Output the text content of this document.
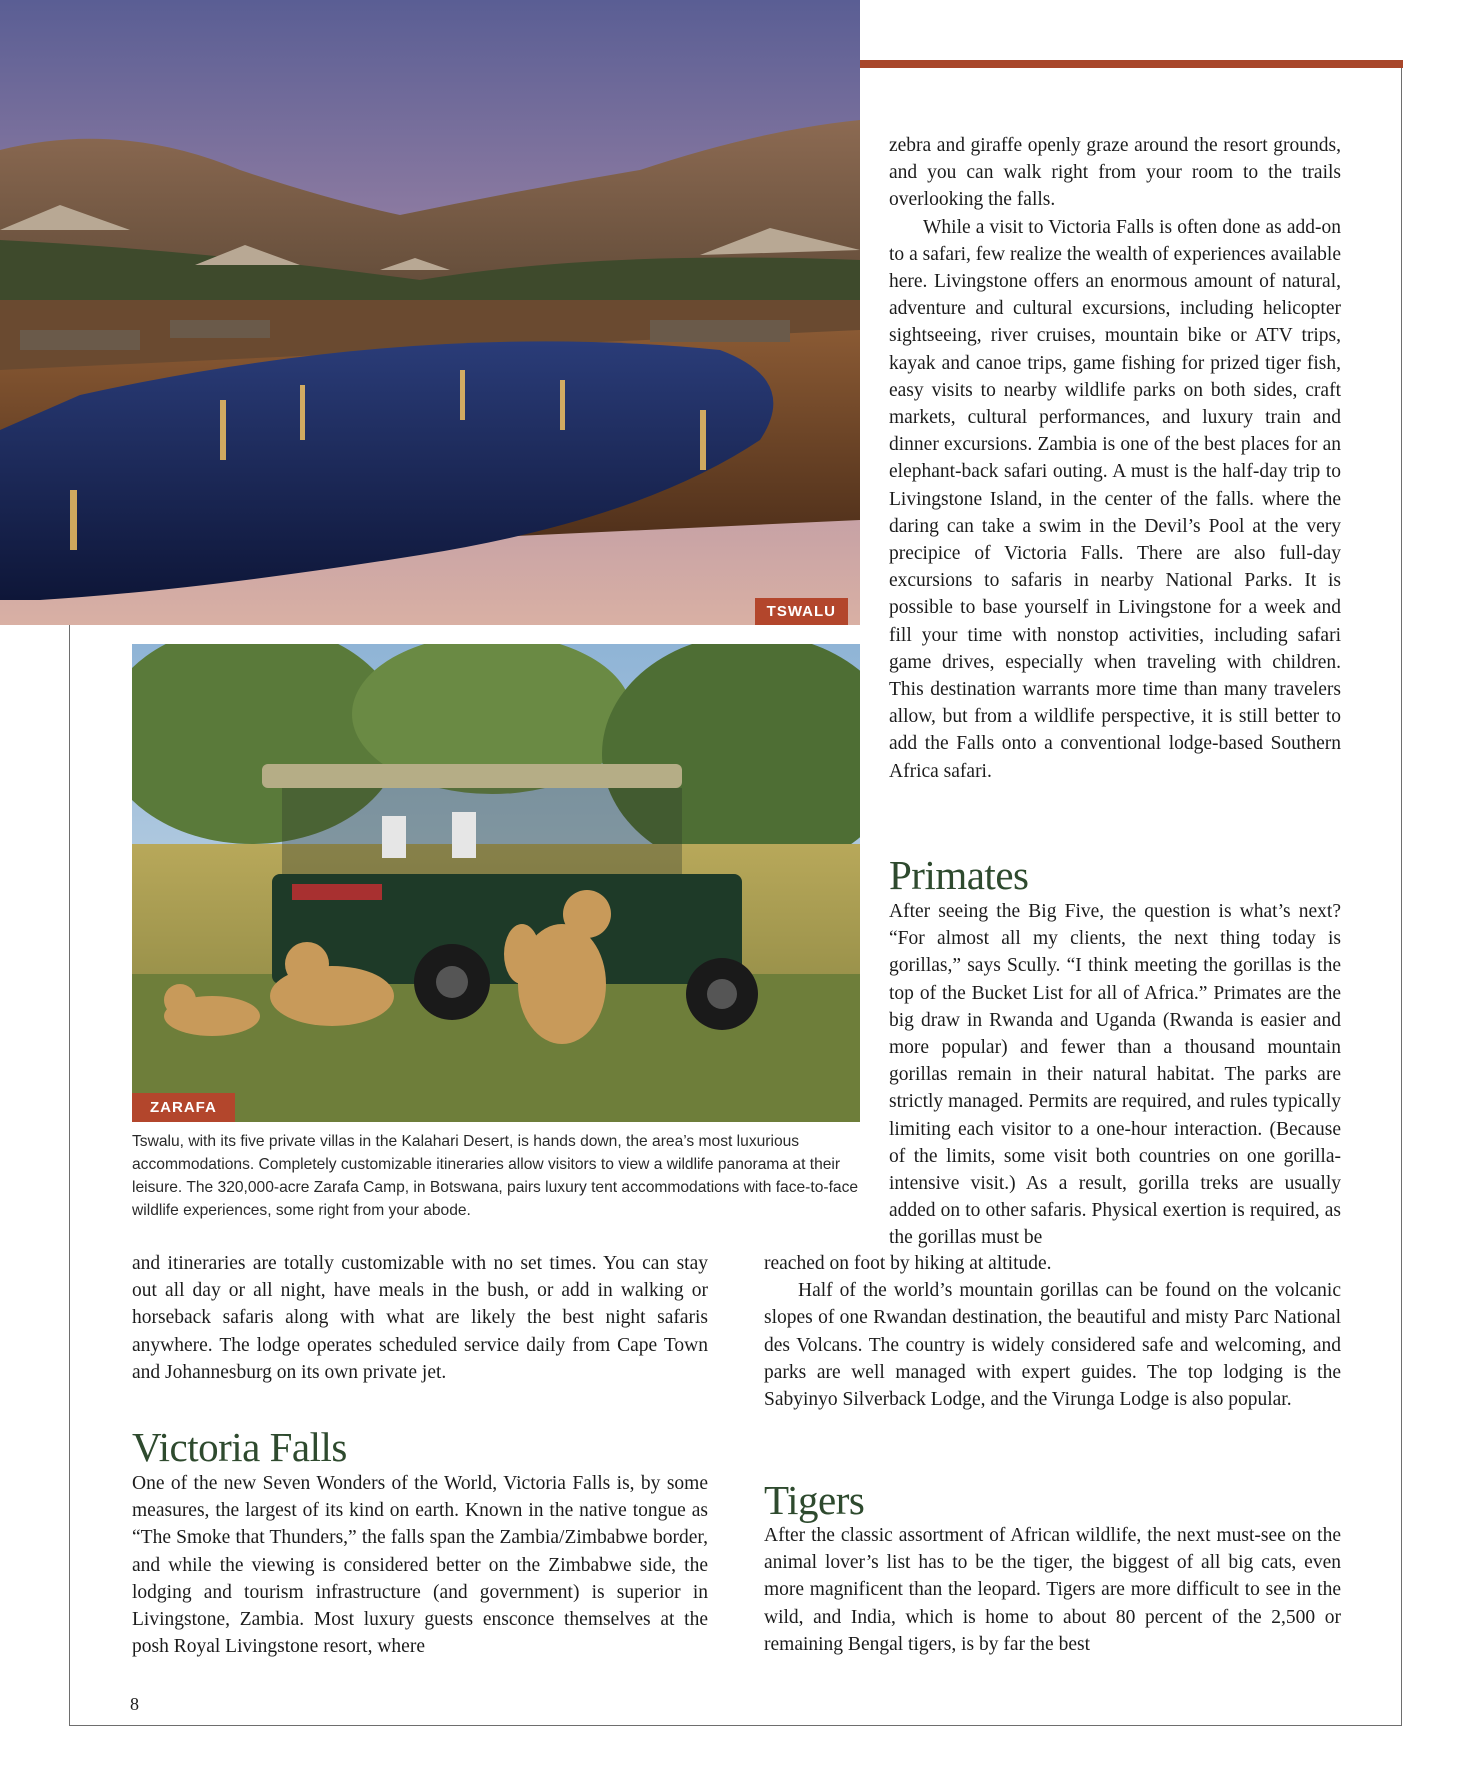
TSWALU
ZARAFA
Tswalu, with its five private villas in the Kalahari Desert, is hands down, the area’s most luxurious accommodations. Completely customizable itineraries allow visitors to view a wildlife panorama at their leisure. The 320,000-acre Zarafa Camp, in Botswana, pairs luxury tent accommodations with face-to-face wildlife experiences, some right from your abode.

zebra and giraffe openly graze around the resort grounds, and you can walk right from your room to the trails overlooking the falls.

While a visit to Victoria Falls is often done as add-on to a safari, few realize the wealth of experiences available here. Livingstone offers an enormous amount of natural, adventure and cultural excursions, including helicopter sightseeing, river cruises, mountain bike or ATV trips, kayak and canoe trips, game fishing for prized tiger fish, easy visits to nearby wildlife parks on both sides, craft markets, cultural performances, and luxury train and dinner excursions. Zambia is one of the best places for an elephant-back safari outing. A must is the half-day trip to Livingstone Island, in the center of the falls. where the daring can take a swim in the Devil’s Pool at the very precipice of Victoria Falls. There are also full-day excursions to safaris in nearby National Parks. It is possible to base yourself in Livingstone for a week and fill your time with nonstop activities, including safari game drives, especially when traveling with children. This destination warrants more time than many travelers allow, but from a wildlife perspective, it is still better to add the Falls onto a conventional lodge-based Southern Africa safari.

Primates

After seeing the Big Five, the question is what’s next? “For almost all my clients, the next thing today is gorillas,” says Scully. “I think meeting the gorillas is the top of the Bucket List for all of Africa.” Primates are the big draw in Rwanda and Uganda (Rwanda is easier and more popular) and fewer than a thousand mountain gorillas remain in their natural habitat. The parks are strictly managed. Permits are required, and rules typically limiting each visitor to a one-hour interaction. (Because of the limits, some visit both countries on one gorilla-intensive visit.) As a result, gorilla treks are usually added on to other safaris. Physical exertion is required, as the gorillas must be

reached on foot by hiking at altitude.

Half of the world’s mountain gorillas can be found on the volcanic slopes of one Rwandan destination, the beautiful and misty Parc National des Volcans. The country is widely considered safe and welcoming, and parks are well managed with expert guides. The top lodging is the Sabyinyo Silverback Lodge, and the Virunga Lodge is also popular.

Tigers

After the classic assortment of African wildlife, the next must-see on the animal lover’s list has to be the tiger, the biggest of all big cats, even more magnificent than the leopard. Tigers are more difficult to see in the wild, and India, which is home to about 80 percent of the 2,500 or remaining Bengal tigers, is by far the best

and itineraries are totally customizable with no set times. You can stay out all day or all night, have meals in the bush, or add in walking or horseback safaris along with what are likely the best night safaris anywhere. The lodge operates scheduled service daily from Cape Town and Johannesburg on its own private jet.

Victoria Falls

One of the new Seven Wonders of the World, Victoria Falls is, by some measures, the largest of its kind on earth. Known in the native tongue as “The Smoke that Thunders,” the falls span the Zambia/Zimbabwe border, and while the viewing is considered better on the Zimbabwe side, the lodging and tourism infrastructure (and government) is superior in Livingstone, Zambia. Most luxury guests ensconce themselves at the posh Royal Livingstone resort, where

8
